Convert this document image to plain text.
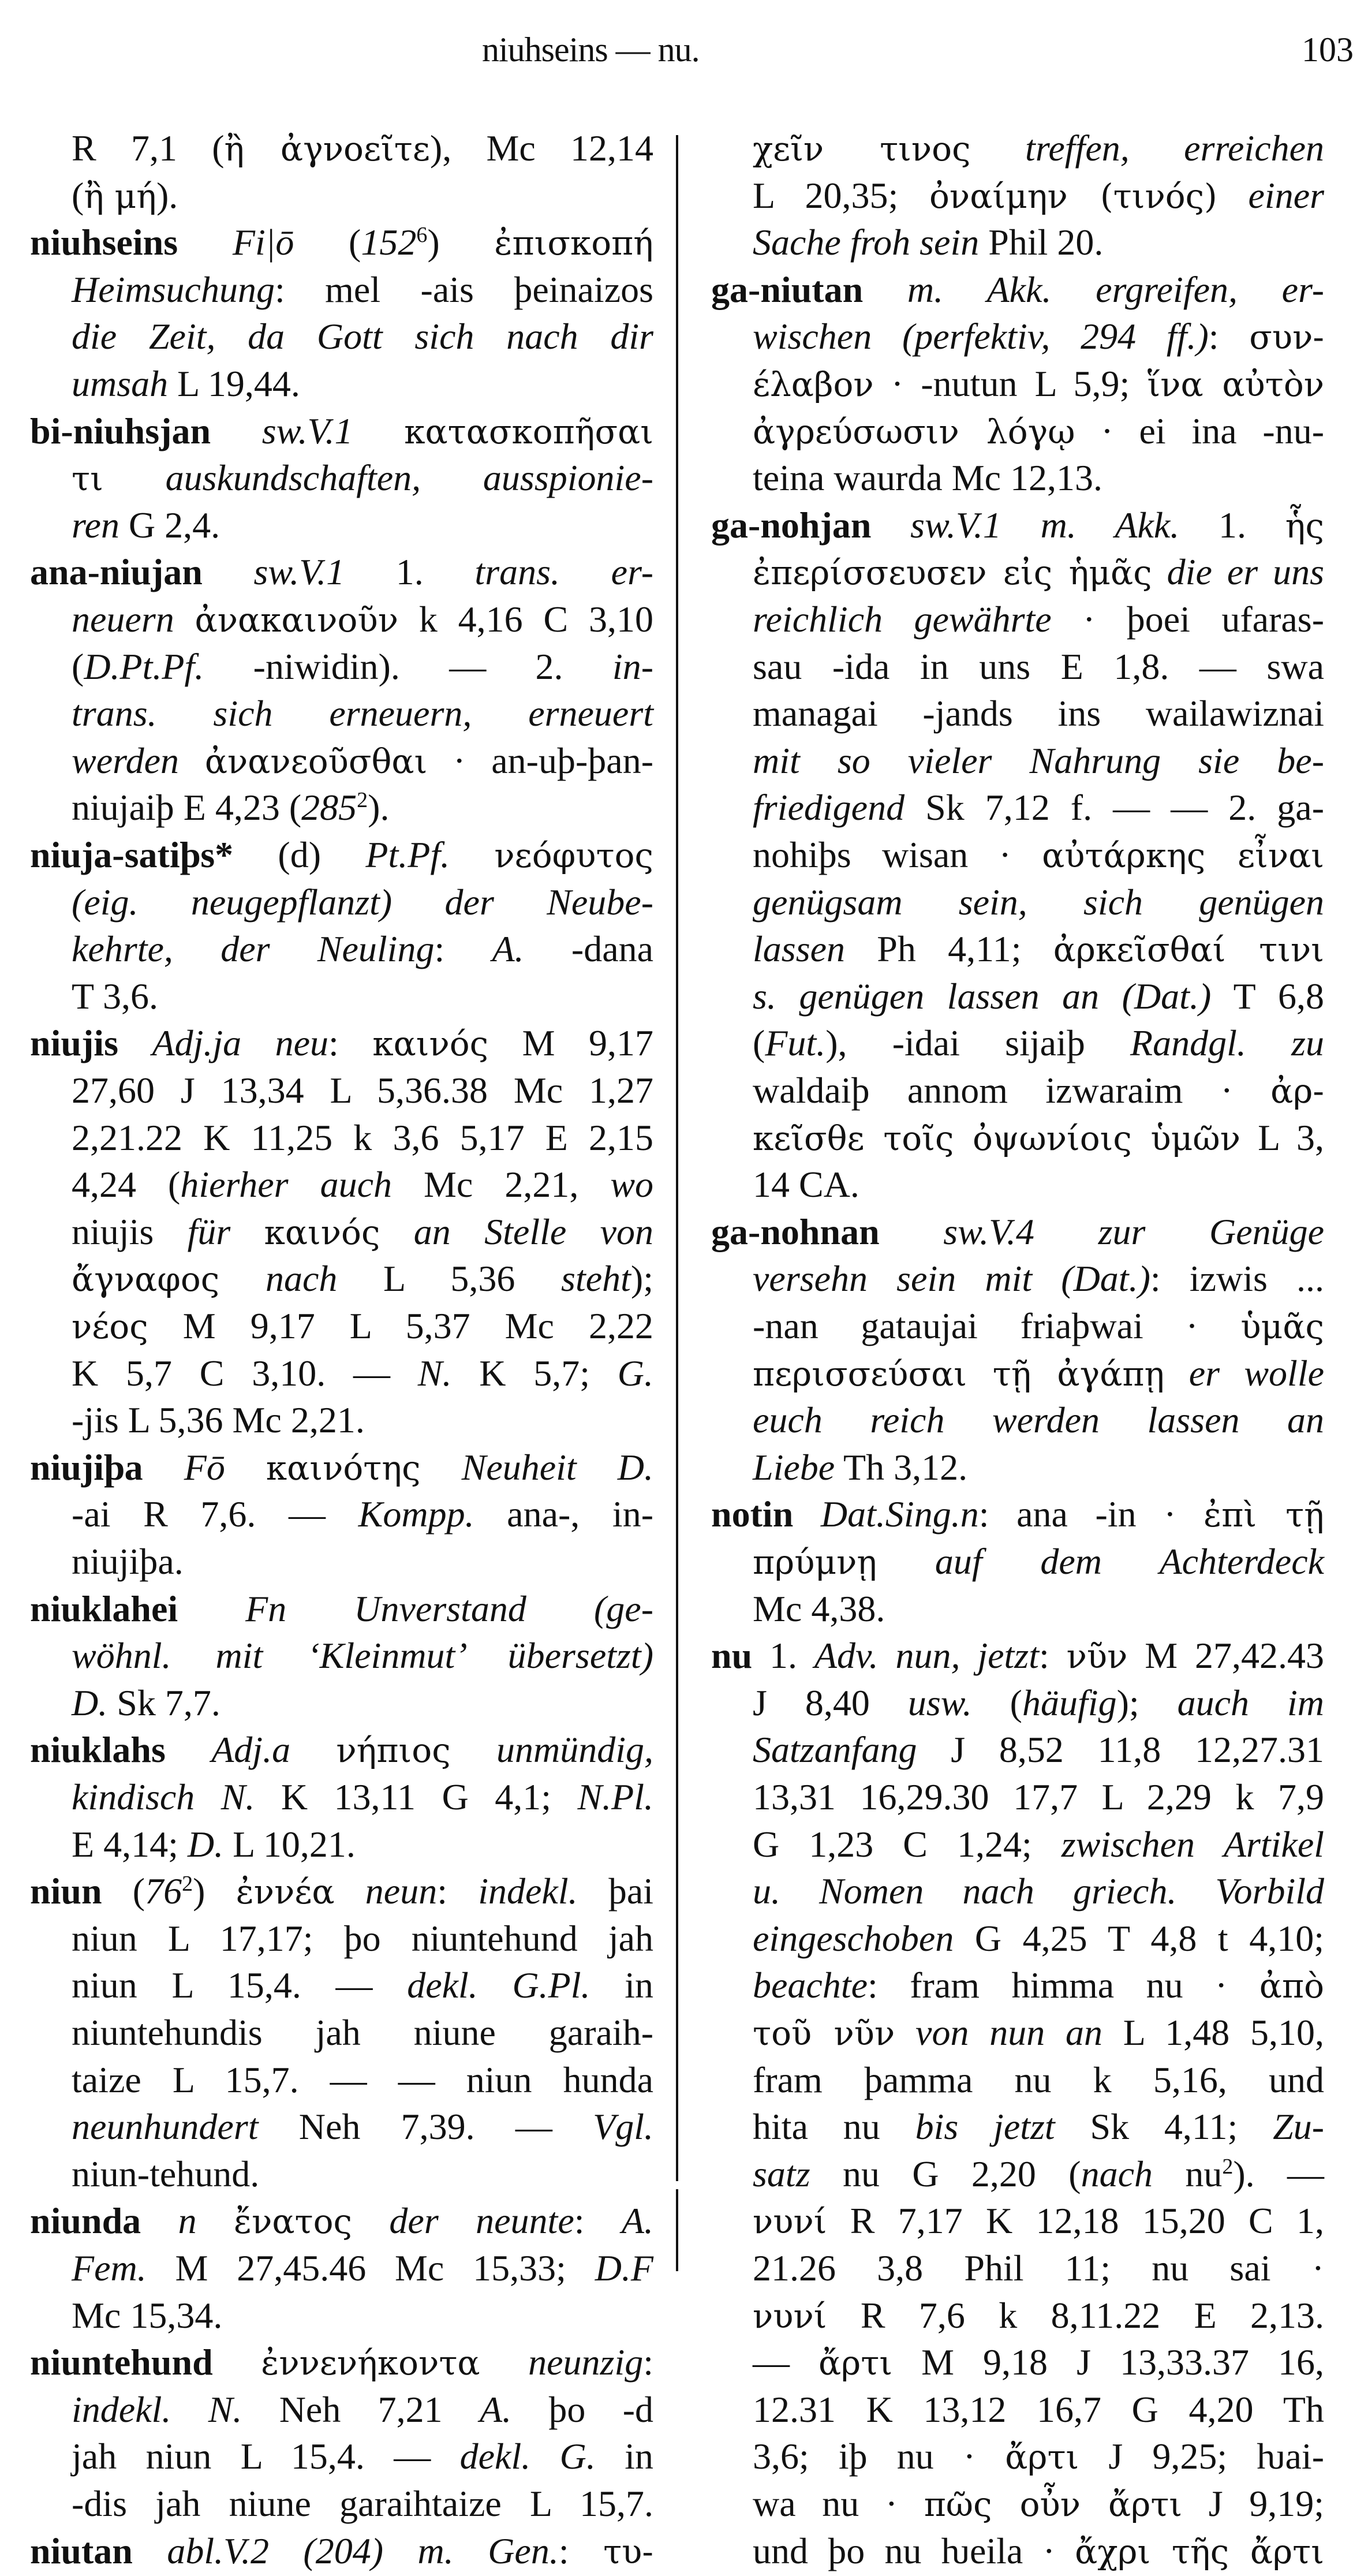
niuhseins — nu.	103
R 7,1 (ἢ ἀγνοεῖτε), Mc 12,14
(ἢ μή).
niuhseins Fi|ō $(152^6)$ ἐπισκοπή
Heimsuchung: mel -ais þeinaizos
die Zeit, da Gott sich nach dir
umsah L 19,44.
bi-niuhsjan sw.V.1 κατασκοπῆσαι
τι auskundschaften, ausspionie-
ren G 2,4.
ana-niujan sw.V.1 1. trans. er-
neuern ἀνακαινοῦν k 4,16 C 3,10
(D.Pt.Pf. -niwidin). — 2. in-
trans. sich erneuern, erneuert
werden ἀνανεοῦσθαι · an-uþ-þan-
niujaiþ E 4,23 $(285^2)$.
niuja-satiþs* (d) Pt.Pf. νεόφυτος
(eig. neugepflanzt) der Neube-
kehrte, der Neuling: A. -dana
T 3,6.
niujis Adj.ja neu: καινός M 9,17
27,60 J 13,34 L 5,36.38 Mc 1,27
2,21.22 K 11,25 k 3,6 5,17 E 2,15
4,24 (hierher auch Mc 2,21, wo
niujis für καινός an Stelle von
ἄγναφος nach L 5,36 steht);
νέος M 9,17 L 5,37 Mc 2,22
K 5,7 C 3,10. — N. K 5,7; G.
-jis L 5,36 Mc 2,21.
niujiþa Fō καινότης Neuheit D.
-ai R 7,6. — Kompp. ana-, in-
niujiþa.
niuklahei Fn Unverstand (ge-
wöhnl. mit ‘Kleinmut’ übersetzt)
D. Sk 7,7.
niuklahs Adj.a νήπιος unmündig,
kindisch N. K 13,11 G 4,1; N.Pl.
E 4,14; D. L 10,21.
niun $(76^2)$ ἐννέα neun: indekl. þai
niun L 17,17; þo niuntehund jah
niun L 15,4. — dekl. G.Pl. in
niuntehundis jah niune garaih-
taize L 15,7. — — niun hunda
neunhundert Neh 7,39. — Vgl.
niun-tehund.
niunda n ἔνατος der neunte: A.
Fem. M 27,45.46 Mc 15,33; D.F
Mc 15,34.
niuntehund ἐννενήκοντα neunzig:
indekl. N. Neh 7,21 A. þo -d
jah niun L 15,4. — dekl. G. in
-dis jah niune garaihtaize L 15,7.
niutan abl.V.2 (204) m. Gen.: τυ-
χεῖν τινος treffen, erreichen
L 20,35; ὀναίμην (τινός) einer
Sache froh sein Phil 20.
ga-niutan m. Akk. ergreifen, er-
wischen (perfektiv, 294 ff.): συν-
έλαβον · -nutun L 5,9; ἵνα αὐτὸν
ἀγρεύσωσιν λόγῳ · ei ina -nu-
teina waurda Mc 12,13.
ga-nohjan sw.V.1 m. Akk. 1. ἧς
ἐπερίσσευσεν εἰς ἡμᾶς die er uns
reichlich gewährte · þoei ufaras-
sau -ida in uns E 1,8. — swa
managai -jands ins wailawiznai
mit so vieler Nahrung sie be-
friedigend Sk 7,12 f. — — 2. ga-
nohiþs wisan · αὐτάρκης εἶναι
genügsam sein, sich genügen
lassen Ph 4,11; ἀρκεῖσθαί τινι
s. genügen lassen an (Dat.) T 6,8
(Fut.), -idai sijaiþ Randgl. zu
waldaiþ annom izwaraim · ἀρ-
κεῖσθε τοῖς ὀψωνίοις ὑμῶν L 3,
14 CA.
ga-nohnan sw.V.4 zur Genüge
versehn sein mit (Dat.): izwis ...
-nan gataujai friaþwai · ὑμᾶς
περισσεύσαι τῇ ἀγάπῃ er wolle
euch reich werden lassen an
Liebe Th 3,12.
notin Dat.Sing.n: ana -in · ἐπὶ τῇ
πρύμνῃ auf dem Achterdeck
Mc 4,38.
nu 1. Adv. nun, jetzt: νῦν M 27,42.43
J 8,40 usw. (häufig); auch im
Satzanfang J 8,52 11,8 12,27.31
13,31 16,29.30 17,7 L 2,29 k 7,9
G 1,23 C 1,24; zwischen Artikel
u. Nomen nach griech. Vorbild
eingeschoben G 4,25 T 4,8 t 4,10;
beachte: fram himma nu · ἀπὸ
τοῦ νῦν von nun an L 1,48 5,10,
fram þamma nu k 5,16, und
hita nu bis jetzt Sk 4,11; Zu-
satz nu G 2,20 (nach $nu^2$). —
νυνί R 7,17 K 12,18 15,20 C 1,
21.26 3,8 Phil 11; nu sai ·
νυνί R 7,6 k 8,11.22 E 2,13.
— ἄρτι M 9,18 J 13,33.37 16,
12.31 K 13,12 16,7 G 4,20 Th
3,6; iþ nu · ἄρτι J 9,25; ƕai-
wa nu · πῶς οὖν ἄρτι J 9,19;
und þo nu ƕeila · ἄχρι τῆς ἄρτι
